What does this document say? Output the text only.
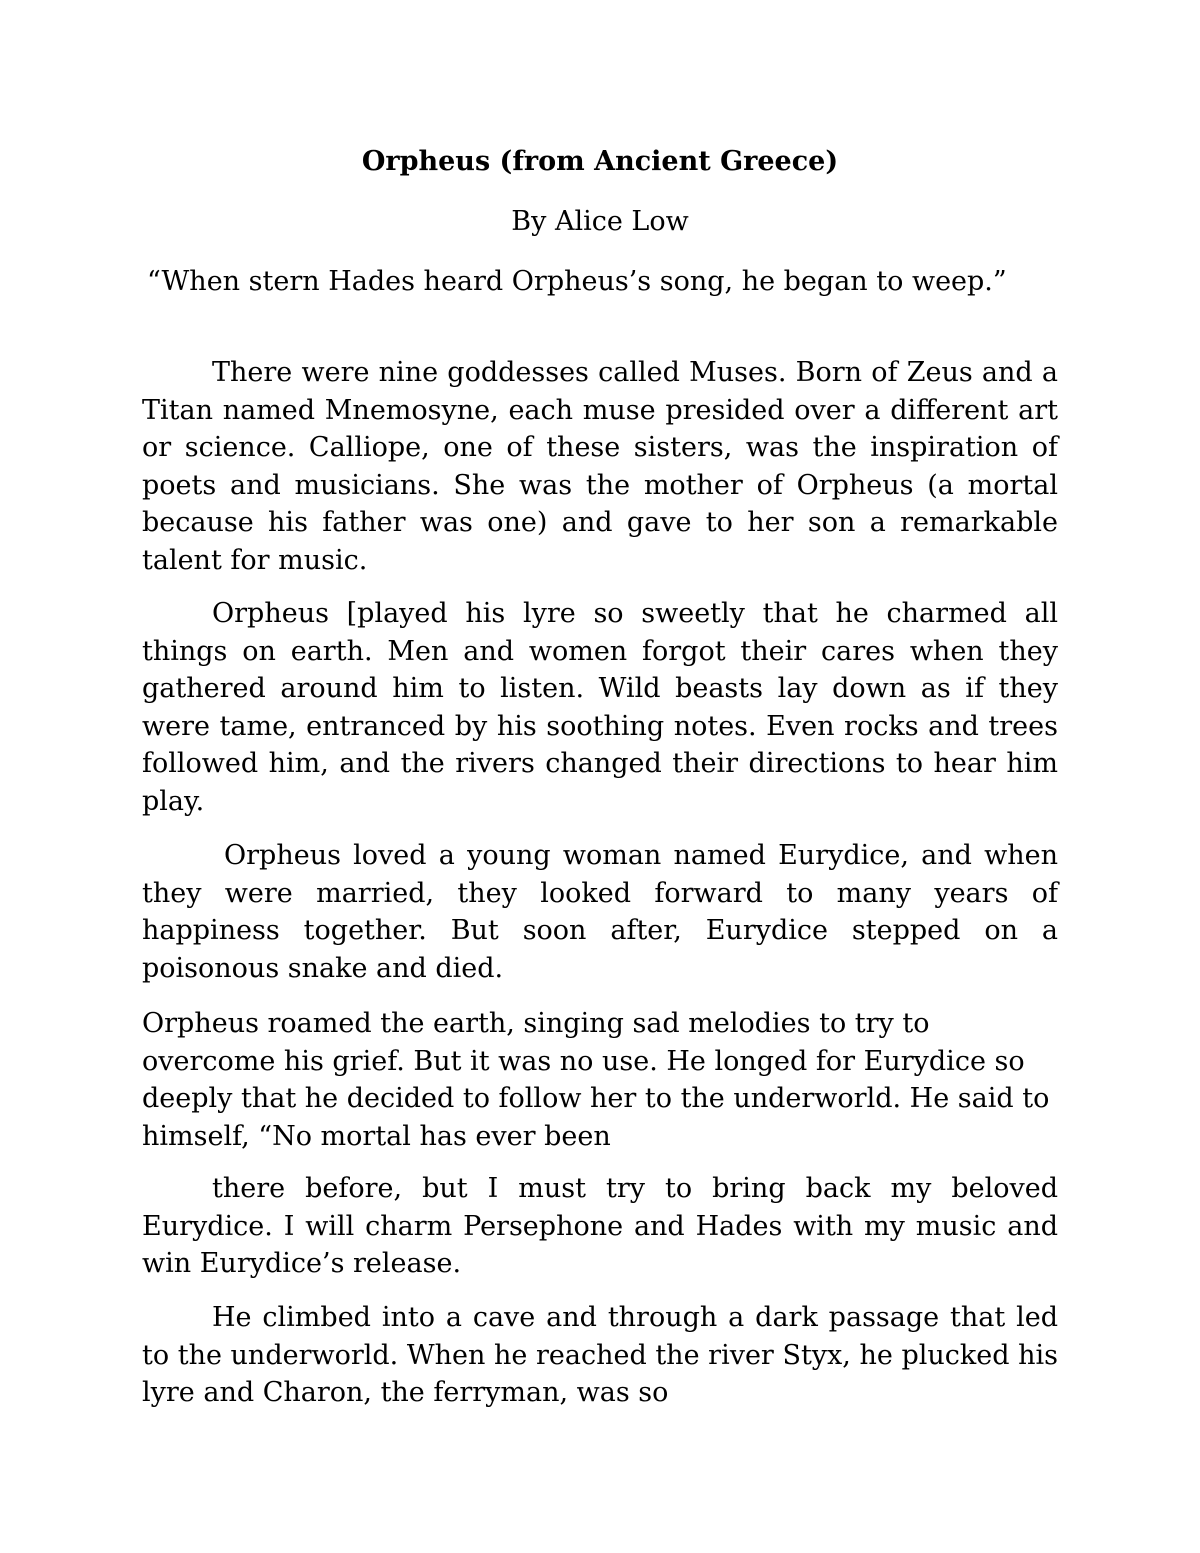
Orpheus (from Ancient Greece)
By Alice Low

“When stern Hades heard Orpheus’s song, he began to weep.”

There were nine goddesses called Muses. Born of Zeus and a Titan named Mnemosyne, each muse presided over a different art or science. Calliope, one of these sisters, was the inspiration of poets and musicians. She was the mother of Orpheus (a mortal because his father was one) and gave to her son a remarkable talent for music.

Orpheus [played his lyre so sweetly that he charmed all things on earth. Men and women forgot their cares when they gathered around him to listen. Wild beasts lay down as if they were tame, entranced by his soothing notes. Even rocks and trees followed him, and the rivers changed their directions to hear him play.

Orpheus loved a young woman named Eurydice, and when they were married, they looked forward to many years of happiness together. But soon after, Eurydice stepped on a poisonous snake and died.

Orpheus roamed the earth, singing sad melodies to try to overcome his grief. But it was no use. He longed for Eurydice so deeply that he decided to follow her to the underworld. He said to himself, “No mortal has ever been

there before, but I must try to bring back my beloved Eurydice. I will charm Persephone and Hades with my music and win Eurydice’s release.

He climbed into a cave and through a dark passage that led to the underworld. When he reached the river Styx, he plucked his lyre and Charon, the ferryman, was so
